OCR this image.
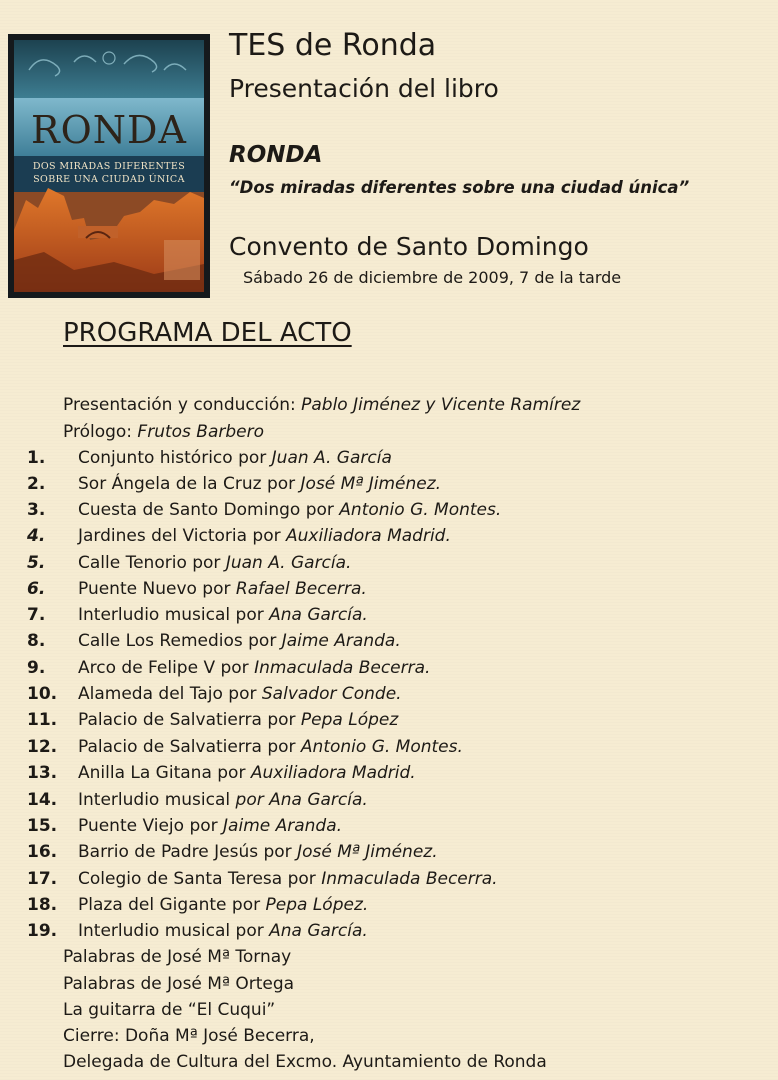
RONDA
DOS MIRADAS DIFERENTES
SOBRE UNA CIUDAD ÚNICA
TES de Ronda
Presentación del libro
RONDA
“Dos miradas diferentes sobre una ciudad única”
Convento de Santo Domingo
Sábado 26 de diciembre de 2009, 7 de la tarde
PROGRAMA DEL ACTO
Presentación y conducción: Pablo Jiménez y Vicente Ramírez
Prólogo: Frutos Barbero
1. Conjunto histórico por Juan A. García
2. Sor Ángela de la Cruz por José Mª Jiménez.
3. Cuesta de Santo Domingo por Antonio G. Montes.
4. Jardines del Victoria por Auxiliadora Madrid.
5. Calle Tenorio por Juan A. García.
6. Puente Nuevo por Rafael Becerra.
7. Interludio musical por Ana García.
8. Calle Los Remedios por Jaime Aranda.
9. Arco de Felipe V por Inmaculada Becerra.
10. Alameda del Tajo por Salvador Conde.
11. Palacio de Salvatierra por Pepa López
12. Palacio de Salvatierra por Antonio G. Montes.
13. Anilla La Gitana por Auxiliadora Madrid.
14. Interludio musical por Ana García.
15. Puente Viejo por Jaime Aranda.
16. Barrio de Padre Jesús por José Mª Jiménez.
17. Colegio de Santa Teresa por Inmaculada Becerra.
18. Plaza del Gigante por Pepa López.
19. Interludio musical por Ana García.
Palabras de José Mª Tornay
Palabras de José Mª Ortega
La guitarra de “El Cuqui”
Cierre: Doña Mª José Becerra,
Delegada de Cultura del Excmo. Ayuntamiento de Ronda
